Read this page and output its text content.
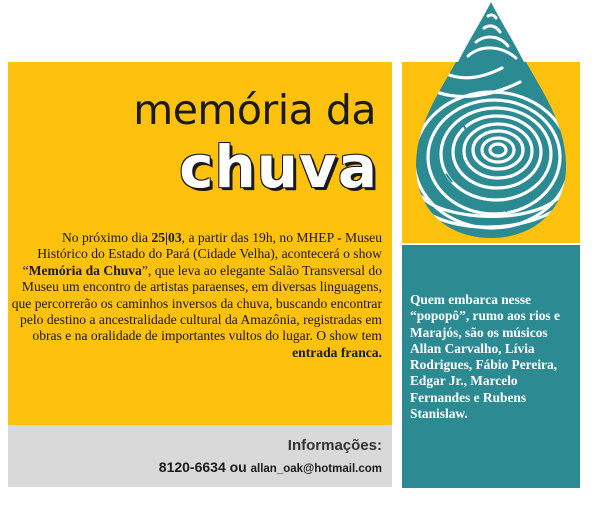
memória da
chuva
No próximo dia 25|03, a partir das 19h, no MHEP - Museu Histórico do Estado do Pará (Cidade Velha), acontecerá o show “Memória da Chuva”, que leva ao elegante Salão Transversal do Museu um encontro de artistas paraenses, em diversas linguagens, que percorrerão os caminhos inversos da chuva, buscando encontrar pelo destino a ancestralidade cultural da Amazônia, registradas em obras e na oralidade de importantes vultos do lugar. O show tem entrada franca.
Informações:
8120-6634 ou allan_oak@hotmail.com
Quem embarca nesse “popopô”, rumo aos rios e Marajós, são os músicos Allan Carvalho, Lívia Rodrigues, Fábio Pereira, Edgar Jr., Marcelo Fernandes e Rubens Stanislaw.
